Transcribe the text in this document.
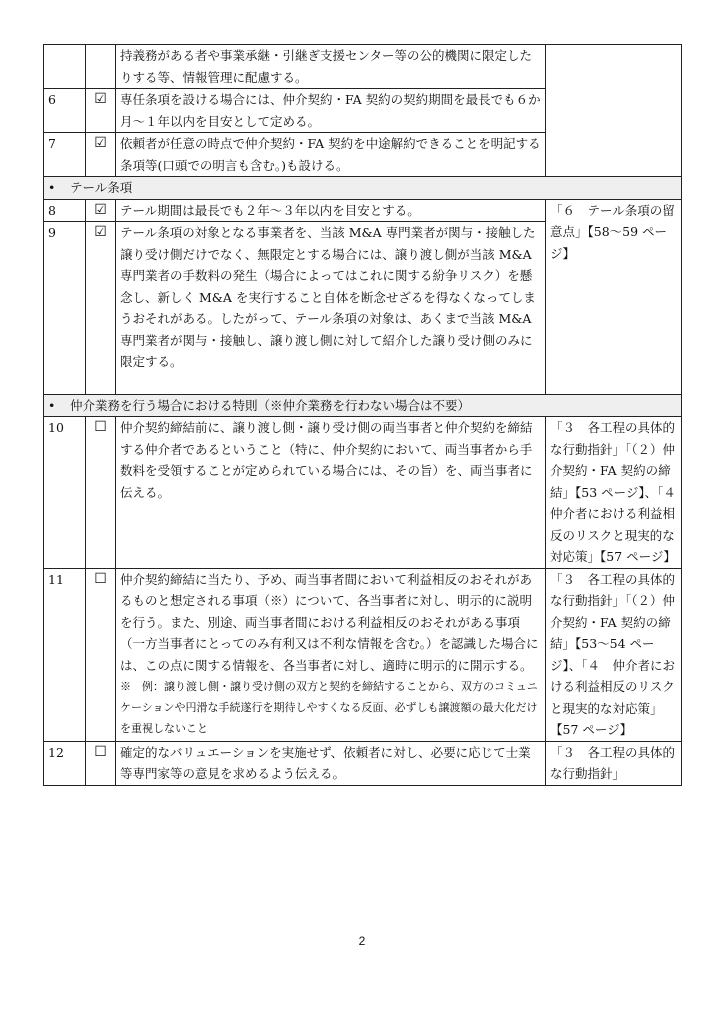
		持義務がある者や事業承継・引継ぎ支援センター等の公的機関に限定したりする等、情報管理に配慮する。	
6	☑	専任条項を設ける場合には、仲介契約・FA 契約の契約期間を最長でも６か月～１年以内を目安として定める。	
7	☑	依頼者が任意の時点で仲介契約・FA 契約を中途解約できることを明記する条項等(口頭での明言も含む。)も設ける。	
• テール条項			
8	☑	テール期間は最長でも２年～３年以内を目安とする。	「６　テール条項の留意点」【58～59 ページ】
9	☑	テール条項の対象となる事業者を、当該 M&A 専門業者が関与・接触した譲り受け側だけでなく、無限定とする場合には、譲り渡し側が当該 M&A 専門業者の手数料の発生（場合によってはこれに関する紛争リスク）を懸念し、新しく M&A を実行すること自体を断念せざるを得なくなってしまうおそれがある。したがって、テール条項の対象は、あくまで当該 M&A 専門業者が関与・接触し、譲り渡し側に対して紹介した譲り受け側のみに限定する。	

• 仲介業務を行う場合における特則（※仲介業務を行わない場合は不要）			
10	☐	仲介契約締結前に、譲り渡し側・譲り受け側の両当事者と仲介契約を締結する仲介者であるということ（特に、仲介契約において、両当事者から手数料を受領することが定められている場合には、その旨）を、両当事者に伝える。	「３　各工程の具体的な行動指針」「（２）仲介契約・FA 契約の締結」【53 ページ】、「４　仲介者における利益相反のリスクと現実的な対応策」【57 ページ】
11	☐	仲介契約締結に当たり、予め、両当事者間において利益相反のおそれがあるものと想定される事項（※）について、各当事者に対し、明示的に説明を行う。また、別途、両当事者間における利益相反のおそれがある事項（一方当事者にとってのみ有利又は不利な情報を含む。）を認識した場合には、この点に関する情報を、各当事者に対し、適時に明示的に開示する。
※　例：譲り渡し側・譲り受け側の双方と契約を締結することから、双方のコミュニケーションや円滑な手続遂行を期待しやすくなる反面、必ずしも譲渡額の最大化だけを重視しないこと	「３　各工程の具体的な行動指針」「（２）仲介契約・FA 契約の締結」【53～54 ページ】、「４　仲介者における利益相反のリスクと現実的な対応策」【57 ページ】
12	☐	確定的なバリュエーションを実施せず、依頼者に対し、必要に応じて士業等専門家等の意見を求めるよう伝える。	「３　各工程の具体的な行動指針」
2
